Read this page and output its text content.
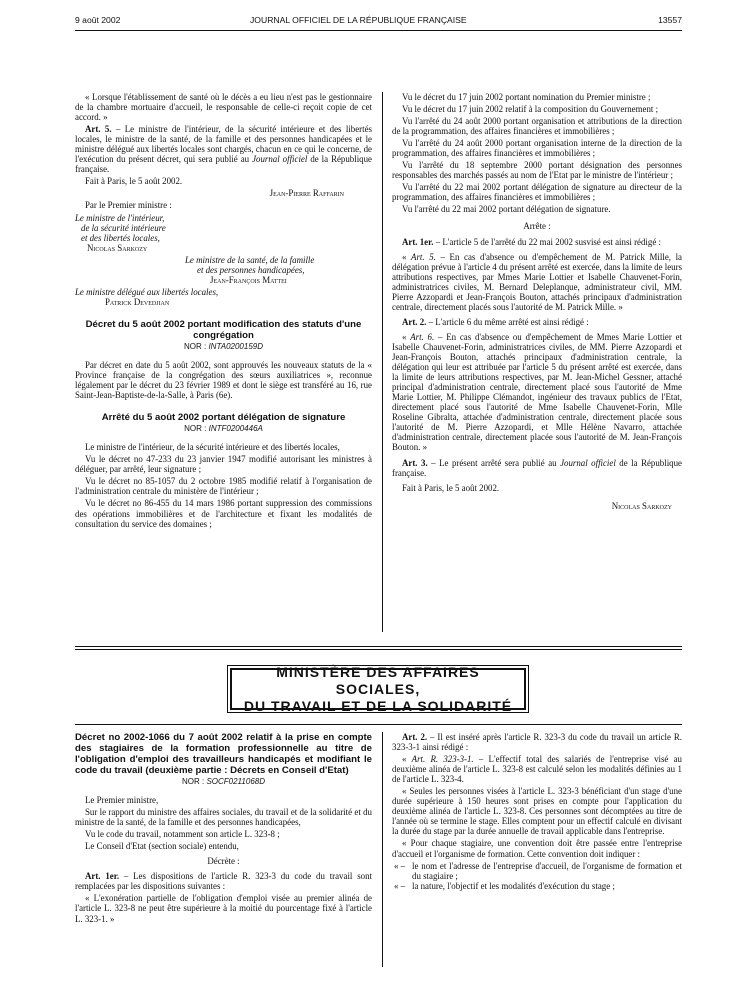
9 août 2002	JOURNAL OFFICIEL DE LA RÉPUBLIQUE FRANÇAISE	13557

« Lorsque l'établissement de santé où le décès a eu lieu n'est pas le gestionnaire de la chambre mortuaire d'accueil, le responsable de celle-ci reçoit copie de cet accord. »

Art. 5. – Le ministre de l'intérieur, de la sécurité intérieure et des libertés locales, le ministre de la santé, de la famille et des personnes handicapées et le ministre délégué aux libertés locales sont chargés, chacun en ce qui le concerne, de l'exécution du présent décret, qui sera publié au Journal officiel de la République française.

Fait à Paris, le 5 août 2002.

Jean-Pierre Raffarin

Par le Premier ministre :

Le ministre de l'intérieur,

de la sécurité intérieure

et des libertés locales,

Nicolas Sarkozy

Le ministre de la santé, de la famille

et des personnes handicapées,

Jean-François Mattei

Le ministre délégué aux libertés locales,

Patrick Devedjian

Décret du 5 août 2002 portant modification des statuts d'une congrégation
NOR : INTA0200159D

Par décret en date du 5 août 2002, sont approuvés les nouveaux statuts de la « Province française de la congrégation des sœurs auxiliatrices », reconnue légalement par le décret du 23 février 1989 et dont le siège est transféré au 16, rue Saint-Jean-Baptiste-de-la-Salle, à Paris (6e).

Arrêté du 5 août 2002 portant délégation de signature
NOR : INTF0200446A

Le ministre de l'intérieur, de la sécurité intérieure et des libertés locales,

Vu le décret no 47-233 du 23 janvier 1947 modifié autorisant les ministres à déléguer, par arrêté, leur signature ;

Vu le décret no 85-1057 du 2 octobre 1985 modifié relatif à l'organisation de l'administration centrale du ministère de l'intérieur ;

Vu le décret no 86-455 du 14 mars 1986 portant suppression des commissions des opérations immobilières et de l'architecture et fixant les modalités de consultation du service des domaines ;

Vu le décret du 17 juin 2002 portant nomination du Premier ministre ;

Vu le décret du 17 juin 2002 relatif à la composition du Gouvernement ;

Vu l'arrêté du 24 août 2000 portant organisation et attributions de la direction de la programmation, des affaires financières et immobilières ;

Vu l'arrêté du 24 août 2000 portant organisation interne de la direction de la programmation, des affaires financières et immobilières ;

Vu l'arrêté du 18 septembre 2000 portant désignation des personnes responsables des marchés passés au nom de l'Etat par le ministre de l'intérieur ;

Vu l'arrêté du 22 mai 2002 portant délégation de signature au directeur de la programmation, des affaires financières et immobilières ;

Vu l'arrêté du 22 mai 2002 portant délégation de signature.

Arrête :

Art. 1er. – L'article 5 de l'arrêté du 22 mai 2002 susvisé est ainsi rédigé :

« Art. 5. – En cas d'absence ou d'empêchement de M. Patrick Mille, la délégation prévue à l'article 4 du présent arrêté est exercée, dans la limite de leurs attributions respectives, par Mmes Marie Lottier et Isabelle Chauvenet-Forin, administratrices civiles, M. Bernard Deleplanque, administrateur civil, MM. Pierre Azzopardi et Jean-François Bouton, attachés principaux d'administration centrale, directement placés sous l'autorité de M. Patrick Mille. »

Art. 2. – L'article 6 du même arrêté est ainsi rédigé :

« Art. 6. – En cas d'absence ou d'empêchement de Mmes Marie Lottier et Isabelle Chauvenet-Forin, administratrices civiles, de MM. Pierre Azzopardi et Jean-François Bouton, attachés principaux d'administration centrale, la délégation qui leur est attribuée par l'article 5 du présent arrêté est exercée, dans la limite de leurs attributions respectives, par M. Jean-Michel Gessner, attaché principal d'administration centrale, directement placé sous l'autorité de Mme Marie Lottier, M. Philippe Clémandot, ingénieur des travaux publics de l'Etat, directement placé sous l'autorité de Mme Isabelle Chauvenet-Forin, Mlle Roseline Gibralta, attachée d'administration centrale, directement placée sous l'autorité de M. Pierre Azzopardi, et Mlle Hélène Navarro, attachée d'administration centrale, directement placée sous l'autorité de M. Jean-François Bouton. »

Art. 3. – Le présent arrêté sera publié au Journal officiel de la République française.

Fait à Paris, le 5 août 2002.

Nicolas Sarkozy

MINISTÈRE DES AFFAIRES SOCIALES,
DU TRAVAIL ET DE LA SOLIDARITÉ
Décret no 2002-1066 du 7 août 2002 relatif à la prise en compte des stagiaires de la formation professionnelle au titre de l'obligation d'emploi des travailleurs handicapés et modifiant le code du travail (deuxième partie : Décrets en Conseil d'Etat)
NOR : SOCF0211068D

Le Premier ministre,

Sur le rapport du ministre des affaires sociales, du travail et de la solidarité et du ministre de la santé, de la famille et des personnes handicapées,

Vu le code du travail, notamment son article L. 323-8 ;

Le Conseil d'Etat (section sociale) entendu,

Décrète :

Art. 1er. – Les dispositions de l'article R. 323-3 du code du travail sont remplacées par les dispositions suivantes :

« L'exonération partielle de l'obligation d'emploi visée au premier alinéa de l'article L. 323-8 ne peut être supérieure à la moitié du pourcentage fixé à l'article L. 323-1. »

Art. 2. – Il est inséré après l'article R. 323-3 du code du travail un article R. 323-3-1 ainsi rédigé :

« Art. R. 323-3-1. – L'effectif total des salariés de l'entreprise visé au deuxième alinéa de l'article L. 323-8 est calculé selon les modalités définies au 1 de l'article L. 323-4.

« Seules les personnes visées à l'article L. 323-3 bénéficiant d'un stage d'une durée supérieure à 150 heures sont prises en compte pour l'application du deuxième alinéa de l'article L. 323-8. Ces personnes sont décomptées au titre de l'année où se termine le stage. Elles comptent pour un effectif calculé en divisant la durée du stage par la durée annuelle de travail applicable dans l'entreprise.

« Pour chaque stagiaire, une convention doit être passée entre l'entreprise d'accueil et l'organisme de formation. Cette convention doit indiquer :

« – le nom et l'adresse de l'entreprise d'accueil, de l'organisme de formation et du stagiaire ;
« – la nature, l'objectif et les modalités d'exécution du stage ;
